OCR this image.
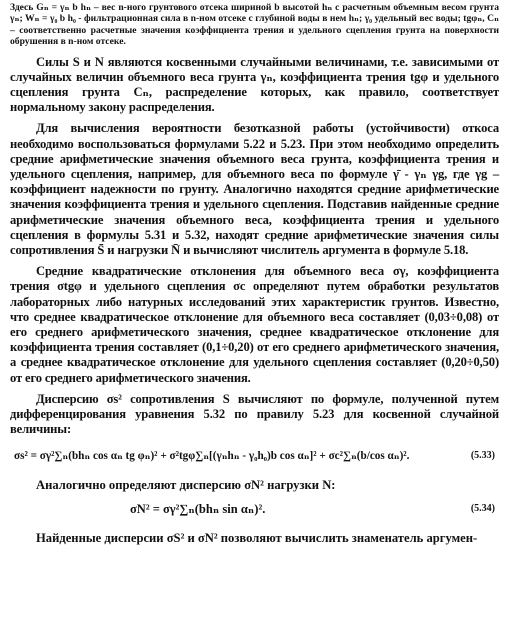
Здесь Gₙ = γₙ b hₙ – вес n-ного грунтового отсека шириной b высотой hₙ с расчетным объемным весом грунта γₙ; Wₙ = γ₀ b h₀ - фильтрационная сила в n-ном отсеке с глубиной воды в нем hₙ; γ₀ удельный вес воды; tgφₙ, Cₙ – соответственно расчетные значения коэффициента трения и удельного сцепления грунта на поверхности обрушения в n-ном отсеке.

Силы S и N являются косвенными случайными величинами, т.е. зависимыми от случайных величин объемного веса грунта γₙ, коэффициента трения tgφ и удельного сцепления грунта Cₙ, распределение которых, как правило, соответствует нормальному закону распределения.

Для вычисления вероятности безотказной работы (устойчивости) откоса необходимо воспользоваться формулами 5.22 и 5.23. При этом необходимо определить средние арифметические значения объемного веса грунта, коэффициента трения и удельного сцепления, например, для объемного веса по формуле γ̄ - γₙ γg, где γg – коэффициент надежности по грунту. Аналогично находятся средние арифметические значения коэффициента трения и удельного сцепления. Подставив найденные средние арифметические значения объемного веса, коэффициента трения и удельного сцепления в формулы 5.31 и 5.32, находят средние арифметические значения силы сопротивления S̄ и нагрузки N̄ и вычисляют числитель аргумента в формуле 5.18.

Средние квадратические отклонения для объемного веса σγ, коэффициента трения σtgφ и удельного сцепления σc определяют путем обработки результатов лабораторных либо натурных исследований этих характеристик грунтов. Известно, что среднее квадратическое отклонение для объемного веса составляет (0,03÷0,08) от его среднего арифметического значения, среднее квадратическое отклонение для коэффициента трения составляет (0,1÷0,20) от его среднего арифметического значения, а среднее квадратическое отклонение для удельного сцепления составляет (0,20÷0,50) от его среднего арифметического значения.

Дисперсию σs² сопротивления S вычисляют по формуле, полученной путем дифференцирования уравнения 5.32 по правилу 5.23 для косвенной случайной величины:

σs² = σγ²∑ₙ(bhₙ cos αₙ tg φₙ)² + σ²tgφ∑ₙ[(γₙhₙ - γ₀h₀)b cos αₙ]² + σc²∑ₙ(b/cos αₙ)².	(5.33)
Аналогично определяют дисперсию σN² нагрузки N:
σN² = σγ²∑ₙ(bhₙ sin αₙ)².	(5.34)
Найденные дисперсии σS² и σN² позволяют вычислить знаменатель аргумен-
